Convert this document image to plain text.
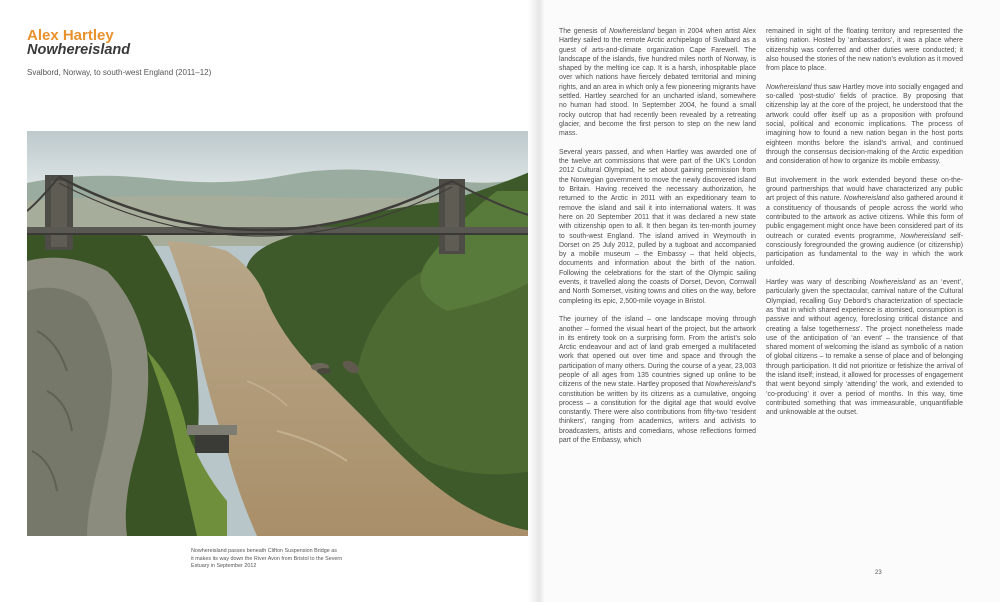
Alex Hartley
Nowhereisland

Svalbord, Norway, to south-west England (2011–12)

Nowhereisland passes beneath Clifton Suspension Bridge as
it makes its way down the River Avon from Bristol to the Severn
Estuary in September 2012

The genesis of Nowhereisland began in 2004 when artist Alex Hartley sailed to the remote Arctic archipelago of Svalbard as a guest of arts-and-climate organization Cape Farewell. The landscape of the islands, five hundred miles north of Norway, is shaped by the melting ice cap. It is a harsh, inhospitable place over which nations have fiercely debated territorial and mining rights, and an area in which only a few pioneering migrants have settled. Hartley searched for an uncharted island, somewhere no human had stood. In September 2004, he found a small rocky outcrop that had recently been revealed by a retreating glacier, and become the first person to step on the new land mass.

Several years passed, and when Hartley was awarded one of the twelve art commissions that were part of the UK’s London 2012 Cultural Olympiad, he set about gaining permission from the Norwegian government to move the newly discovered island to Britain. Having received the necessary authorization, he returned to the Arctic in 2011 with an expeditionary team to remove the island and sail it into international waters. It was here on 20 September 2011 that it was declared a new state with citizenship open to all. It then began its ten-month journey to south-west England. The island arrived in Weymouth in Dorset on 25 July 2012, pulled by a tugboat and accompanied by a mobile museum – the Embassy – that held objects, documents and information about the birth of the nation. Following the celebrations for the start of the Olympic sailing events, it travelled along the coasts of Dorset, Devon, Cornwall and North Somerset, visiting towns and cities on the way, before completing its epic, 2,500-mile voyage in Bristol.

The journey of the island – one landscape moving through another – formed the visual heart of the project, but the artwork in its entirety took on a surprising form. From the artist’s solo Arctic endeavour and act of land grab emerged a multifaceted work that opened out over time and space and through the participation of many others. During the course of a year, 23,003 people of all ages from 135 countries signed up online to be citizens of the new state. Hartley proposed that Nowhereisland’s constitution be written by its citizens as a cumulative, ongoing process – a constitution for the digital age that would evolve constantly. There were also contributions from fifty-two ‘resident thinkers’, ranging from academics, writers and activists to broadcasters, artists and comedians, whose reflections formed part of the Embassy, which

remained in sight of the floating territory and represented the visiting nation. Hosted by ‘ambassadors’, it was a place where citizenship was conferred and other duties were conducted; it also housed the stories of the new nation’s evolution as it moved from place to place.

Nowhereisland thus saw Hartley move into socially engaged and so-called ‘post-studio’ fields of practice. By proposing that citizenship lay at the core of the project, he understood that the artwork could offer itself up as a proposition with profound social, political and economic implications. The process of imagining how to found a new nation began in the host ports eighteen months before the island’s arrival, and continued through the consensus decision-making of the Arctic expedition and consideration of how to organize its mobile embassy.

But involvement in the work extended beyond these on-the-ground partnerships that would have characterized any public art project of this nature. Nowhereisland also gathered around it a constituency of thousands of people across the world who contributed to the artwork as active citizens. While this form of public engagement might once have been considered part of its outreach or curated events programme, Nowhereisland self-consciously foregrounded the growing audience (or citizenship) participation as fundamental to the way in which the work unfolded.

Hartley was wary of describing Nowhereisland as an ‘event’, particularly given the spectacular, carnival nature of the Cultural Olympiad, recalling Guy Debord’s characterization of spectacle as ‘that in which shared experience is atomised, consumption is passive and without agency, foreclosing critical distance and creating a false togetherness’. The project nonetheless made use of the anticipation of ‘an event’ – the transience of that shared moment of welcoming the island as symbolic of a nation of global citizens – to remake a sense of place and of belonging through participation. It did not prioritize or fetishize the arrival of the island itself; instead, it allowed for processes of engagement that went beyond simply ‘attending’ the work, and extended to ‘co-producing’ it over a period of months. In this way, time contributed something that was immeasurable, unquantifiable and unknowable at the outset.

23
